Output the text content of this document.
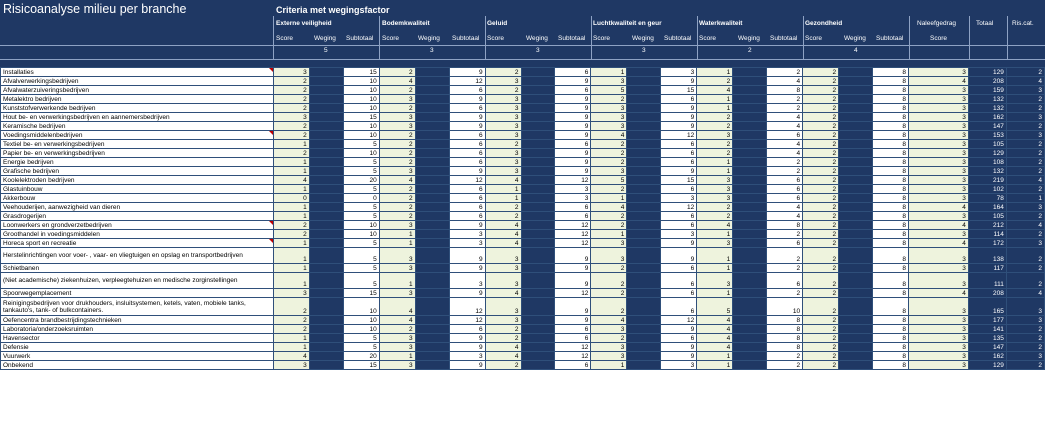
Risicoanalyse milieu per branche	Criteria met wegingsfactor
Externe veiligheid	Bodemkwaliteit	Geluid	Luchtkwaliteit en geur	Waterkwaliteit	Gezondheid	Naleefgedrag	Totaal	Ris.cat.
Score	Weging Subtotaal Score	Weging Subtotaal Score	Weging Subtotaal Score	Weging Subtotaal Score	Weging Subtotaal Score	Weging Subtotaal	Score
5	3	3	3	2	4
Installaties	3		15	2		9	2		6	1		3	1		2	2		8	3	129	2
Afvalverwerkingsbedrijven	2		10	4		12	3		9	3		9	2		4	2		8	4	208	4
Afvalwaterzuiveringsbedrijven	2		10	2		6	2		6	5		15	4		8	2		8	3	159	3
Metalektro bedrijven	2		10	3		9	3		9	2		6	1		2	2		8	3	132	2
Kunststofverwerkende bedrijven	2		10	2		6	3		9	3		9	1		2	2		8	3	132	2
Hout be- en verwerkingsbedrijven en aannemersbedrijven	3		15	3		9	3		9	3		9	2		4	2		8	3	162	3
Keramische bedrijven	2		10	3		9	3		9	3		9	2		4	2		8	3	147	2
Voedingsmiddelenbedrijven	2		10	2		6	3		9	4		12	3		6	2		8	3	153	3
Textiel be- en verwerkingsbedrijven	1		5	2		6	2		6	2		6	2		4	2		8	3	105	2
Papier be- en verwerkingsbedrijven	2		10	2		6	3		9	2		6	2		4	2		8	3	129	2
Energie bedrijven	1		5	2		6	3		9	2		6	1		2	2		8	3	108	2
Grafische bedrijven	1		5	3		9	3		9	3		9	1		2	2		8	3	132	2
Koolelektroden bedrijven	4		20	4		12	4		12	5		15	3		6	2		8	3	219	4
Glastuinbouw	1		5	2		6	1		3	2		6	3		6	2		8	3	102	2
Akkerbouw	0		0	2		6	1		3	1		3	3		6	2		8	3	78	1
Veehouderijen, aanwezigheid van dieren	1		5	2		6	2		6	4		12	2		4	2		8	4	164	3
Grasdrogerijen	1		5	2		6	2		6	2		6	2		4	2		8	3	105	2
Loonwerkers en grondverzetbedrijven	2		10	3		9	4		12	2		6	4		8	2		8	4	212	4
Groothandel in voedingsmiddelen	2		10	1		3	4		12	1		3	1		2	2		8	3	114	2
Horeca sport en recreatie	1		5	1		3	4		12	3		9	3		6	2		8	4	172	3
Herstelinrichtingen voor voer- , vaar- en vliegtuigen en opslag en transportbedrijven	1		5	3		9	3		9	3		9	1		2	2		8	3	138	2
Schietbanen	1		5	3		9	3		9	2		6	1		2	2		8	3	117	2
(Niet academische) ziekenhuizen, verpleegtehuizen en medische zorginstellingen	1		5	1		3	3		9	2		6	3		6	2		8	3	111	2
Spoorwegemplacement	3		15	3		9	4		12	2		6	1		2	2		8	4	208	4
Reinigingsbedrijven voor drukhouders, insluitsystemen, ketels, vaten, mobiele tanks, tankauto's, tank- of bulkcontainers.	2		10	4		12	3		9	2		6	5		10	2		8	3	165	3
Oefencentra brandbestrijdingstechnieken	2		10	4		12	3		9	4		12	4		8	2		8	3	177	3
Laboratoria/onderzoeksruimten	2		10	2		6	2		6	3		9	4		8	2		8	3	141	2
Havensector	1		5	3		9	2		6	2		6	4		8	2		8	3	135	2
Defensie	1		5	3		9	4		12	3		9	4		8	2		8	3	147	2
Vuurwerk	4		20	1		3	4		12	3		9	1		2	2		8	3	162	3
Onbekend	3		15	3		9	2		6	1		3	1		2	2		8	3	129	2
